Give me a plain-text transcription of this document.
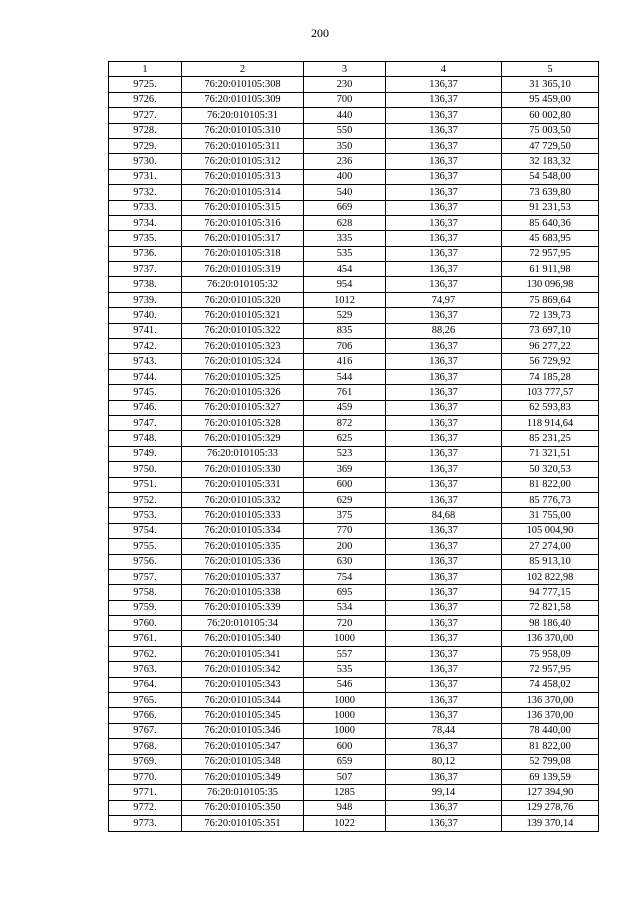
200
1	2	3	4	5
9725.	76:20:010105:308	230	136,37	31 365,10
9726.	76:20:010105:309	700	136,37	95 459,00
9727.	76:20:010105:31	440	136,37	60 002,80
9728.	76:20:010105:310	550	136,37	75 003,50
9729.	76:20:010105:311	350	136,37	47 729,50
9730.	76:20:010105:312	236	136,37	32 183,32
9731.	76:20:010105:313	400	136,37	54 548,00
9732.	76:20:010105:314	540	136,37	73 639,80
9733.	76:20:010105:315	669	136,37	91 231,53
9734.	76:20:010105:316	628	136,37	85 640,36
9735.	76:20:010105:317	335	136,37	45 683,95
9736.	76:20:010105:318	535	136,37	72 957,95
9737.	76:20:010105:319	454	136,37	61 911,98
9738.	76:20:010105:32	954	136,37	130 096,98
9739.	76:20:010105:320	1012	74,97	75 869,64
9740.	76:20:010105:321	529	136,37	72 139,73
9741.	76:20:010105:322	835	88,26	73 697,10
9742.	76:20:010105:323	706	136,37	96 277,22
9743.	76:20:010105:324	416	136,37	56 729,92
9744.	76:20:010105:325	544	136,37	74 185,28
9745.	76:20:010105:326	761	136,37	103 777,57
9746.	76:20:010105:327	459	136,37	62 593,83
9747.	76:20:010105:328	872	136,37	118 914,64
9748.	76:20:010105:329	625	136,37	85 231,25
9749.	76:20:010105:33	523	136,37	71 321,51
9750.	76:20:010105:330	369	136,37	50 320,53
9751.	76:20:010105:331	600	136,37	81 822,00
9752.	76:20:010105:332	629	136,37	85 776,73
9753.	76:20:010105:333	375	84,68	31 755,00
9754.	76:20:010105:334	770	136,37	105 004,90
9755.	76:20:010105:335	200	136,37	27 274,00
9756.	76:20:010105:336	630	136,37	85 913,10
9757.	76:20:010105:337	754	136,37	102 822,98
9758.	76:20:010105:338	695	136,37	94 777,15
9759.	76:20:010105:339	534	136,37	72 821,58
9760.	76:20:010105:34	720	136,37	98 186,40
9761.	76:20:010105:340	1000	136,37	136 370,00
9762.	76:20:010105:341	557	136,37	75 958,09
9763.	76:20:010105:342	535	136,37	72 957,95
9764.	76:20:010105:343	546	136,37	74 458,02
9765.	76:20:010105:344	1000	136,37	136 370,00
9766.	76:20:010105:345	1000	136,37	136 370,00
9767.	76:20:010105:346	1000	78,44	78 440,00
9768.	76:20:010105:347	600	136,37	81 822,00
9769.	76:20:010105:348	659	80,12	52 799,08
9770.	76:20:010105:349	507	136,37	69 139,59
9771.	76:20:010105:35	1285	99,14	127 394,90
9772.	76:20:010105:350	948	136,37	129 278,76
9773.	76:20:010105:351	1022	136,37	139 370,14
